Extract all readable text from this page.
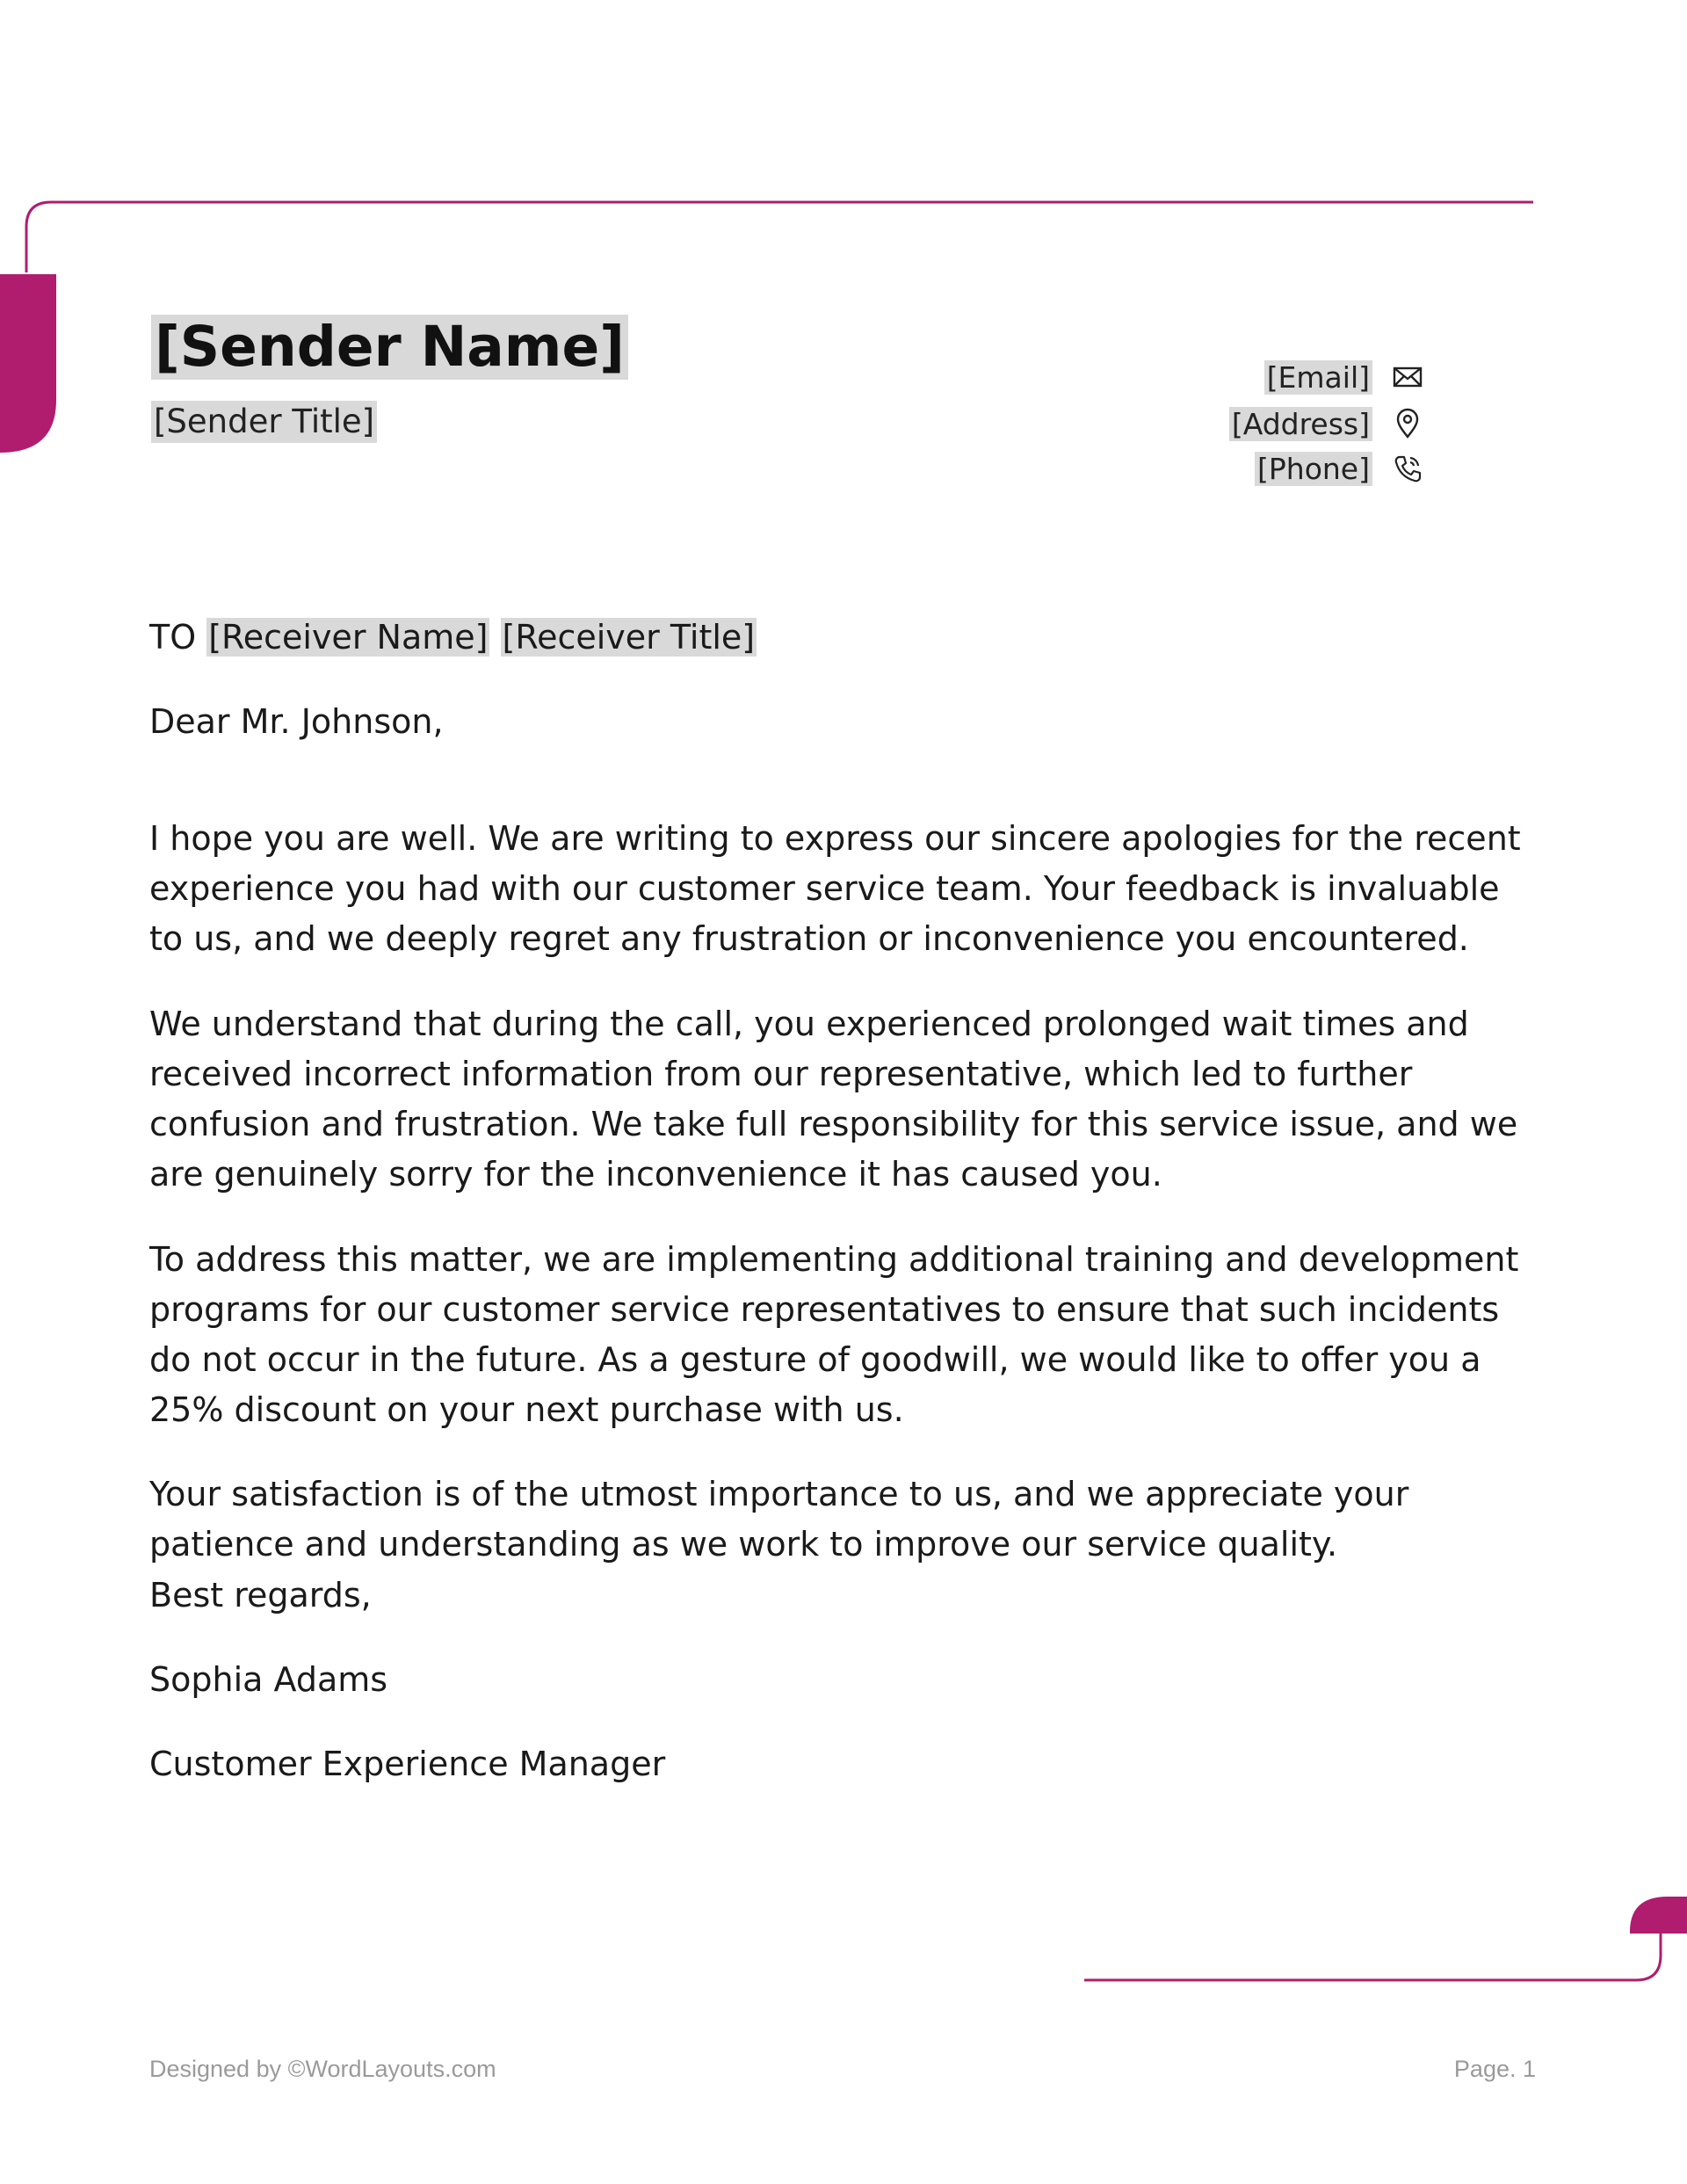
[Sender Name]
[Sender Title]
[Email]
[Address]
[Phone]
TO [Receiver Name] [Receiver Title]
Dear Mr. Johnson,

I hope you are well. We are writing to express our sincere apologies for the recent experience you had with our customer service team. Your feedback is invaluable to us, and we deeply regret any frustration or inconvenience you encountered.

We understand that during the call, you experienced prolonged wait times and received incorrect information from our representative, which led to further confusion and frustration. We take full responsibility for this service issue, and we are genuinely sorry for the inconvenience it has caused you.

To address this matter, we are implementing additional training and development programs for our customer service representatives to ensure that such incidents do not occur in the future. As a gesture of goodwill, we would like to offer you a 25% discount on your next purchase with us.

Your satisfaction is of the utmost importance to us, and we appreciate your patience and understanding as we work to improve our service quality.

Best regards,
Sophia Adams
Customer Experience Manager
Designed by ©WordLayouts.com	Page. 1
